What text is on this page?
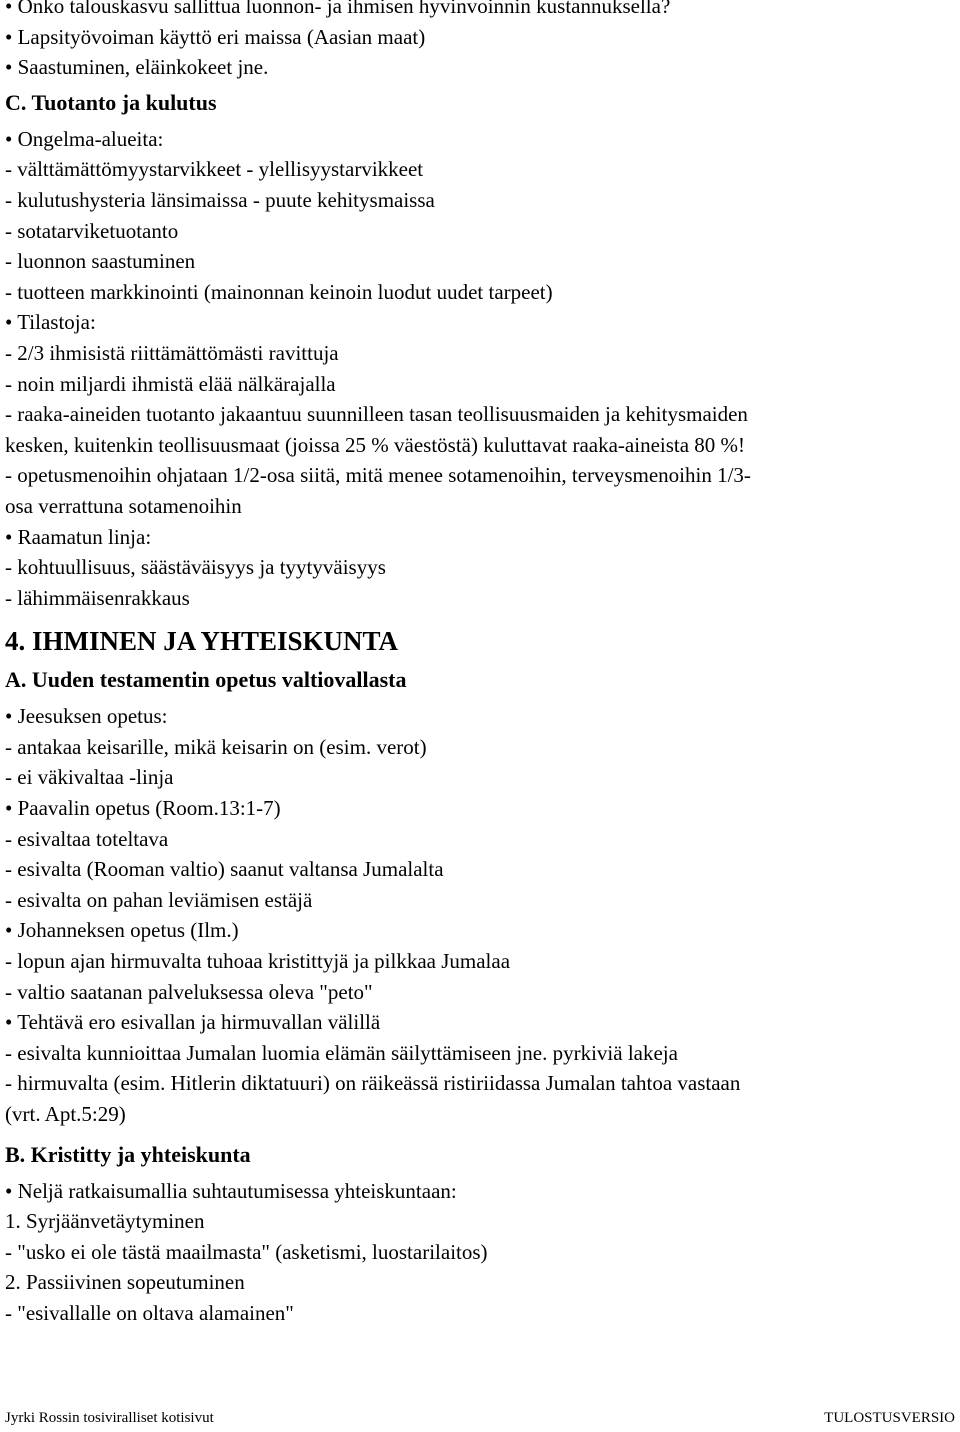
• Onko talouskasvu sallittua luonnon- ja ihmisen hyvinvoinnin kustannuksella?
• Lapsityövoiman käyttö eri maissa (Aasian maat)
• Saastuminen, eläinkokeet jne.
C. Tuotanto ja kulutus
• Ongelma-alueita:
- välttämättömyystarvikkeet - ylellisyystarvikkeet
- kulutushysteria länsimaissa - puute kehitysmaissa
- sotatarviketuotanto
- luonnon saastuminen
- tuotteen markkinointi (mainonnan keinoin luodut uudet tarpeet)
• Tilastoja:
- 2/3 ihmisistä riittämättömästi ravittuja
- noin miljardi ihmistä elää nälkärajalla
- raaka-aineiden tuotanto jakaantuu suunnilleen tasan teollisuusmaiden ja kehitysmaiden
kesken, kuitenkin teollisuusmaat (joissa 25 % väestöstä) kuluttavat raaka-aineista 80 %!
- opetusmenoihin ohjataan 1/2-osa siitä, mitä menee sotamenoihin, terveysmenoihin 1/3-
osa verrattuna sotamenoihin
• Raamatun linja:
- kohtuullisuus, säästäväisyys ja tyytyväisyys
- lähimmäisenrakkaus
4. IHMINEN JA YHTEISKUNTA
A. Uuden testamentin opetus valtiovallasta
• Jeesuksen opetus:
- antakaa keisarille, mikä keisarin on (esim. verot)
- ei väkivaltaa -linja
• Paavalin opetus (Room.13:1-7)
- esivaltaa toteltava
- esivalta (Rooman valtio) saanut valtansa Jumalalta
- esivalta on pahan leviämisen estäjä
• Johanneksen opetus (Ilm.)
- lopun ajan hirmuvalta tuhoaa kristittyjä ja pilkkaa Jumalaa
- valtio saatanan palveluksessa oleva "peto"
• Tehtävä ero esivallan ja hirmuvallan välillä
- esivalta kunnioittaa Jumalan luomia elämän säilyttämiseen jne. pyrkiviä lakeja
- hirmuvalta (esim. Hitlerin diktatuuri) on räikeässä ristiriidassa Jumalan tahtoa vastaan
(vrt. Apt.5:29)
B. Kristitty ja yhteiskunta
• Neljä ratkaisumallia suhtautumisessa yhteiskuntaan:
1. Syrjäänvetäytyminen
- "usko ei ole tästä maailmasta" (asketismi, luostarilaitos)
2. Passiivinen sopeutuminen
- "esivallalle on oltava alamainen"
Jyrki Rossin tosiviralliset kotisivut	TULOSTUSVERSIO
